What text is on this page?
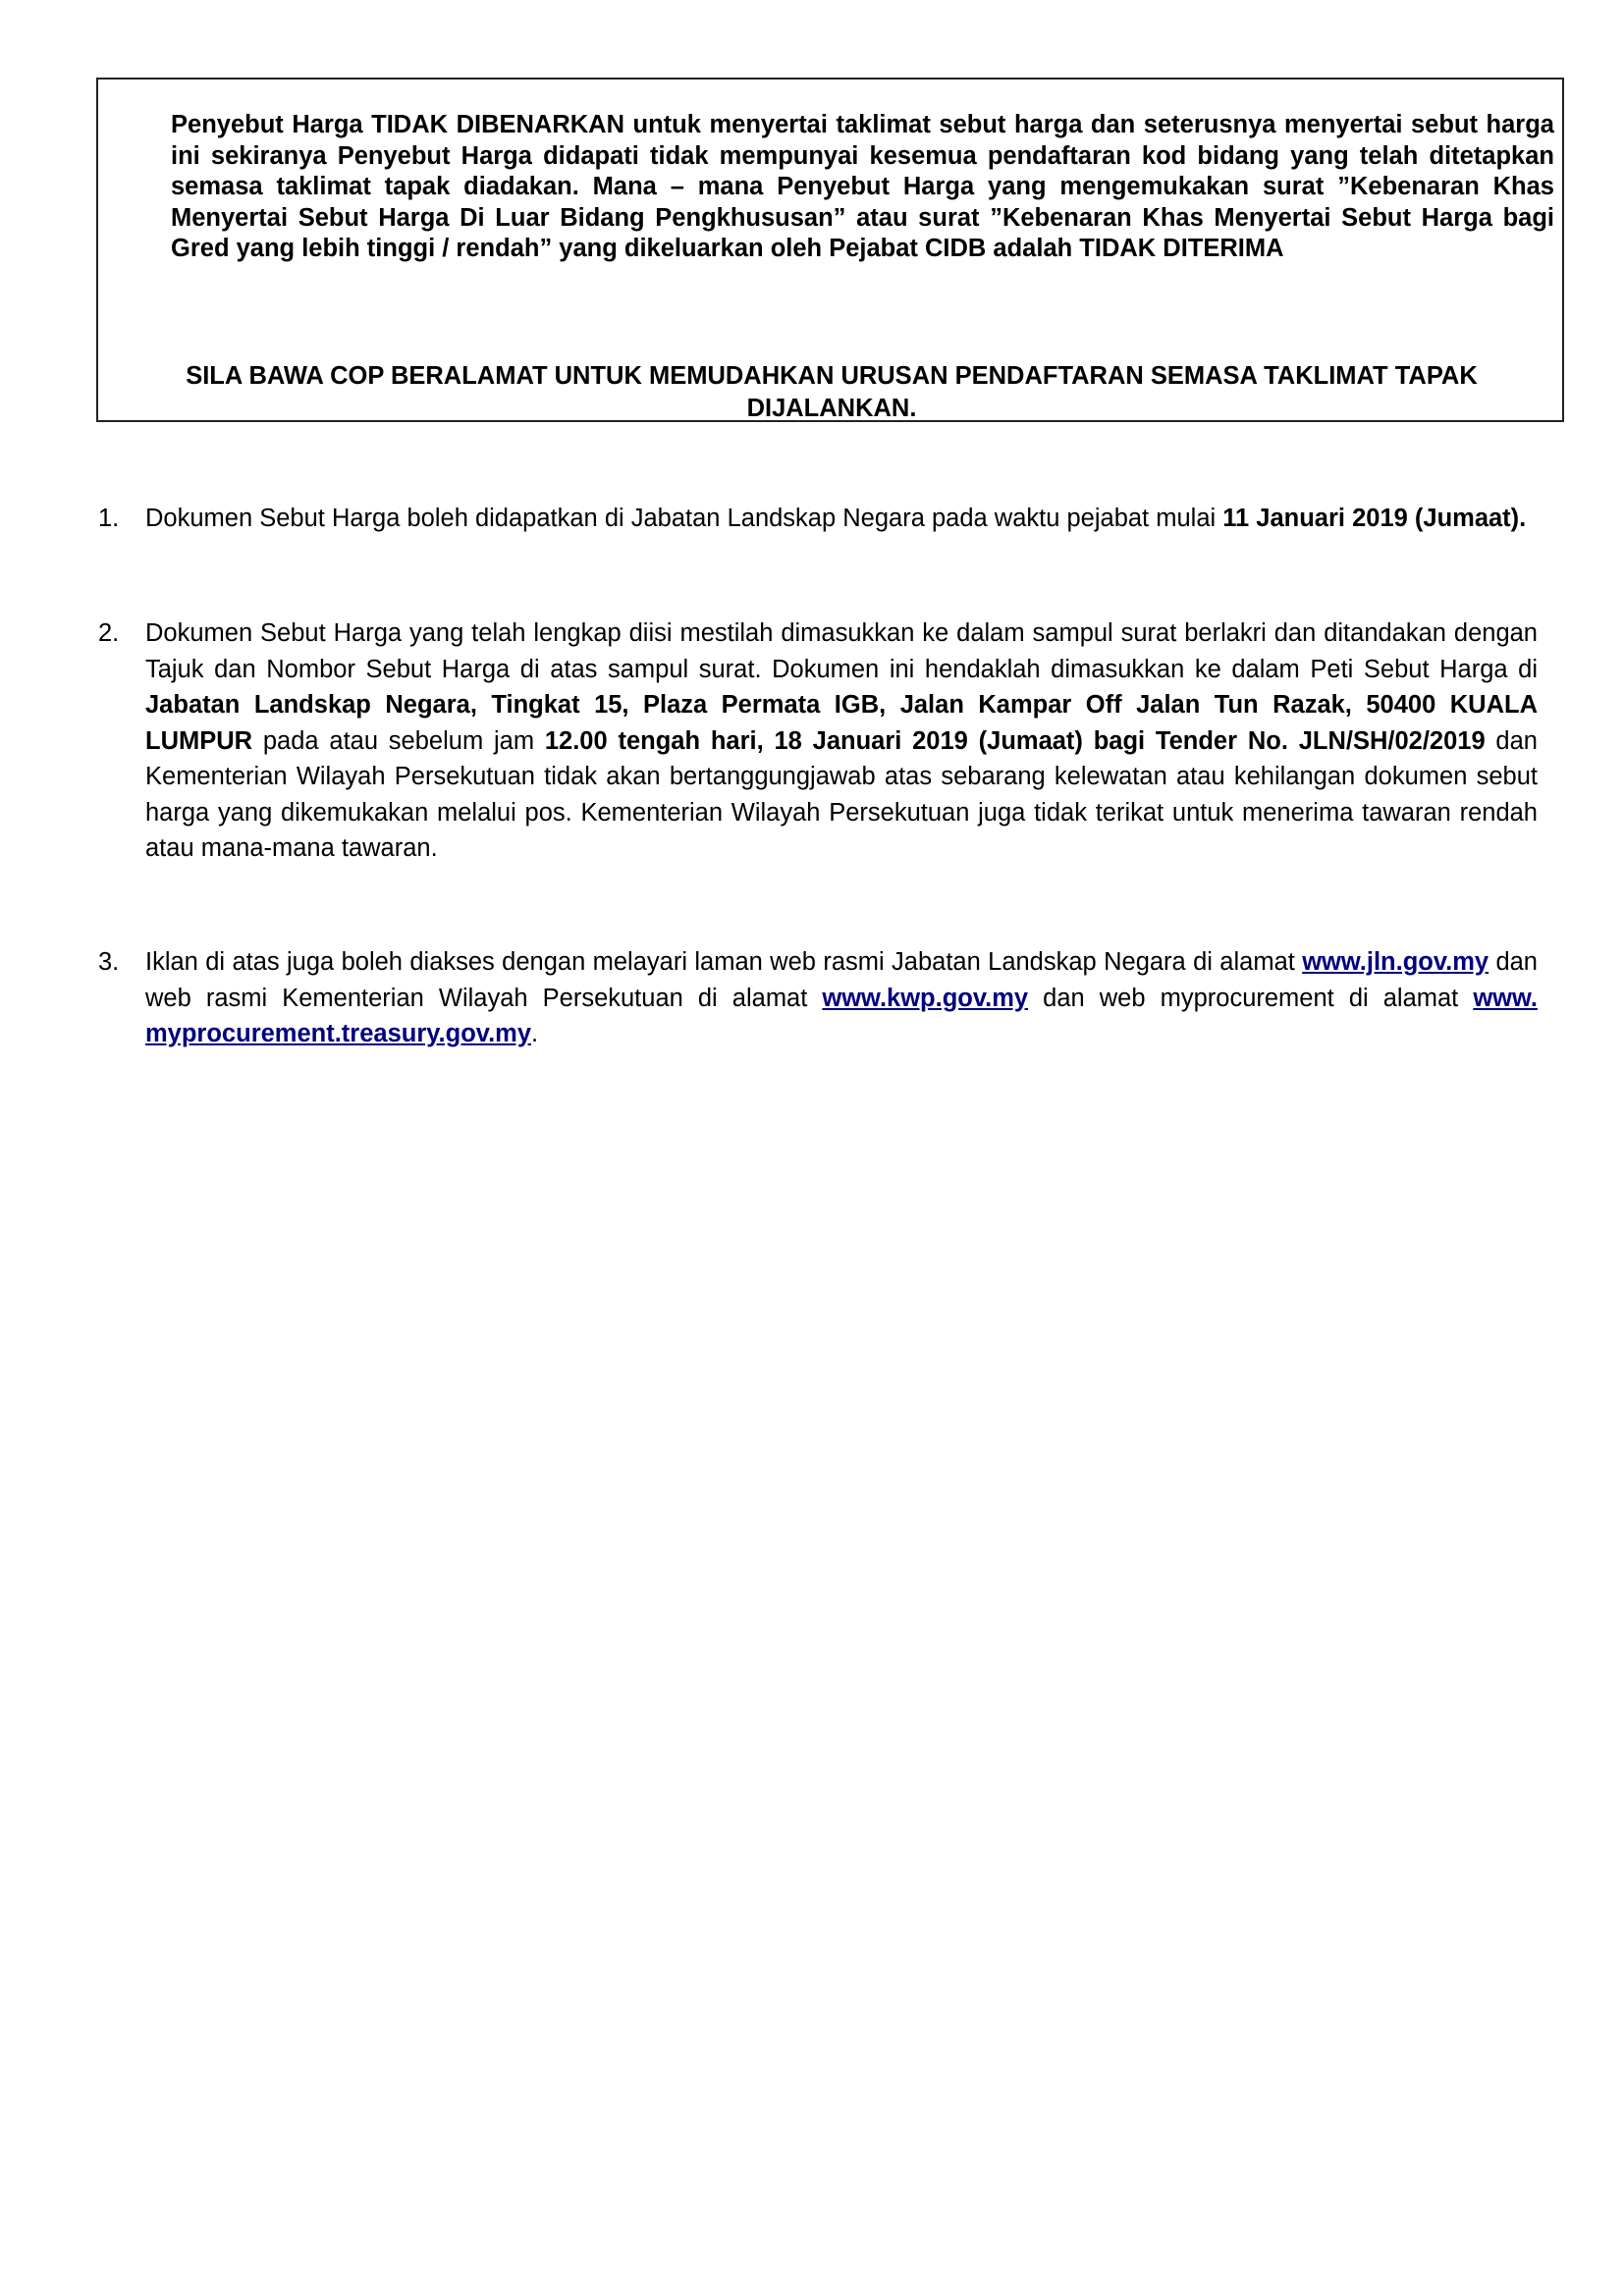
Penyebut Harga TIDAK DIBENARKAN untuk menyertai taklimat sebut harga dan seterusnya menyertai sebut harga ini sekiranya Penyebut Harga didapati tidak mempunyai kesemua pendaftaran kod bidang yang telah ditetapkan semasa taklimat tapak diadakan. Mana – mana Penyebut Harga yang mengemukakan surat ”Kebenaran Khas Menyertai Sebut Harga Di Luar Bidang Pengkhususan” atau surat ”Kebenaran Khas Menyertai Sebut Harga bagi Gred yang lebih tinggi / rendah” yang dikeluarkan oleh Pejabat CIDB adalah TIDAK DITERIMA
SILA BAWA COP BERALAMAT UNTUK MEMUDAHKAN URUSAN PENDAFTARAN SEMASA TAKLIMAT TAPAK DIJALANKAN.
1. Dokumen Sebut Harga boleh didapatkan di Jabatan Landskap Negara pada waktu pejabat mulai 11 Januari 2019 (Jumaat).
2. Dokumen Sebut Harga yang telah lengkap diisi mestilah dimasukkan ke dalam sampul surat berlakri dan ditandakan dengan Tajuk dan Nombor Sebut Harga di atas sampul surat. Dokumen ini hendaklah dimasukkan ke dalam Peti Sebut Harga di Jabatan Landskap Negara, Tingkat 15, Plaza Permata IGB, Jalan Kampar Off Jalan Tun Razak, 50400 KUALA LUMPUR pada atau sebelum jam 12.00 tengah hari, 18 Januari 2019 (Jumaat) bagi Tender No. JLN/SH/02/2019 dan Kementerian Wilayah Persekutuan tidak akan bertanggungjawab atas sebarang kelewatan atau kehilangan dokumen sebut harga yang dikemukakan melalui pos. Kementerian Wilayah Persekutuan juga tidak terikat untuk menerima tawaran rendah atau mana-mana tawaran.
3. Iklan di atas juga boleh diakses dengan melayari laman web rasmi Jabatan Landskap Negara di alamat www.jln.gov.my dan web rasmi Kementerian Wilayah Persekutuan di alamat www.kwp.gov.my dan web myprocurement di alamat www. myprocurement.treasury.gov.my.
